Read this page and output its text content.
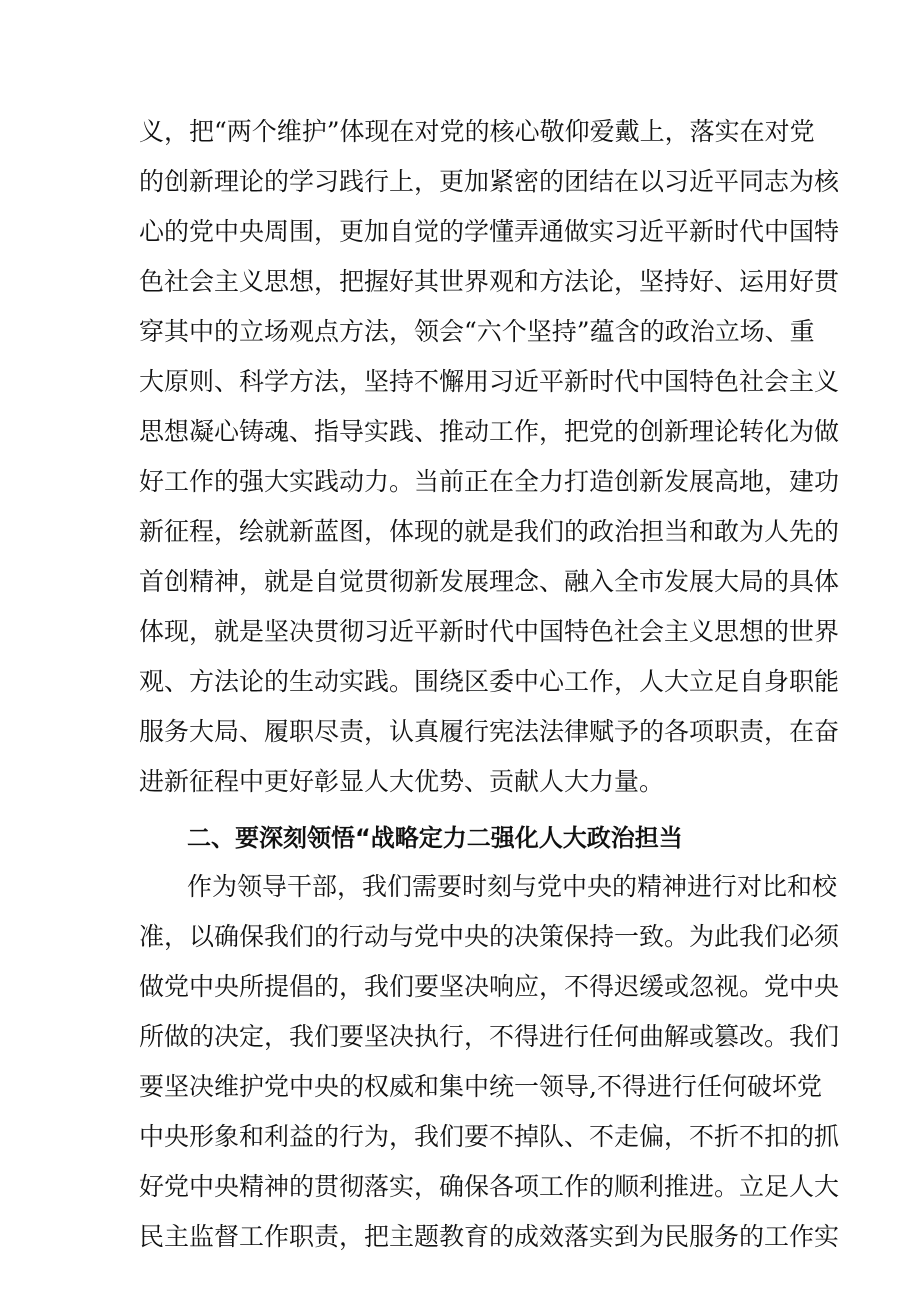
义，把“两个维护”体现在对党的核心敬仰爱戴上，落实在对党
的创新理论的学习践行上，更加紧密的团结在以习近平同志为核
心的党中央周围，更加自觉的学懂弄通做实习近平新时代中国特
色社会主义思想，把握好其世界观和方法论，坚持好、运用好贯
穿其中的立场观点方法，领会“六个坚持”蕴含的政治立场、重
大原则、科学方法，坚持不懈用习近平新时代中国特色社会主义
思想凝心铸魂、指导实践、推动工作，把党的创新理论转化为做
好工作的强大实践动力。当前正在全力打造创新发展高地，建功
新征程，绘就新蓝图，体现的就是我们的政治担当和敢为人先的
首创精神，就是自觉贯彻新发展理念、融入全市发展大局的具体
体现，就是坚决贯彻习近平新时代中国特色社会主义思想的世界
观、方法论的生动实践。围绕区委中心工作，人大立足自身职能
服务大局、履职尽责，认真履行宪法法律赋予的各项职责，在奋
进新征程中更好彰显人大优势、贡献人大力量。
二、要深刻领悟“战略定力二强化人大政治担当
作为领导干部，我们需要时刻与党中央的精神进行对比和校
准，以确保我们的行动与党中央的决策保持一致。为此我们必须
做党中央所提倡的，我们要坚决响应，不得迟缓或忽视。党中央
所做的决定，我们要坚决执行，不得进行任何曲解或篡改。我们
要坚决维护党中央的权威和集中统一领导,不得进行任何破坏党
中央形象和利益的行为，我们要不掉队、不走偏，不折不扣的抓
好党中央精神的贯彻落实，确保各项工作的顺利推进。立足人大
民主监督工作职责，把主题教育的成效落实到为民服务的工作实
